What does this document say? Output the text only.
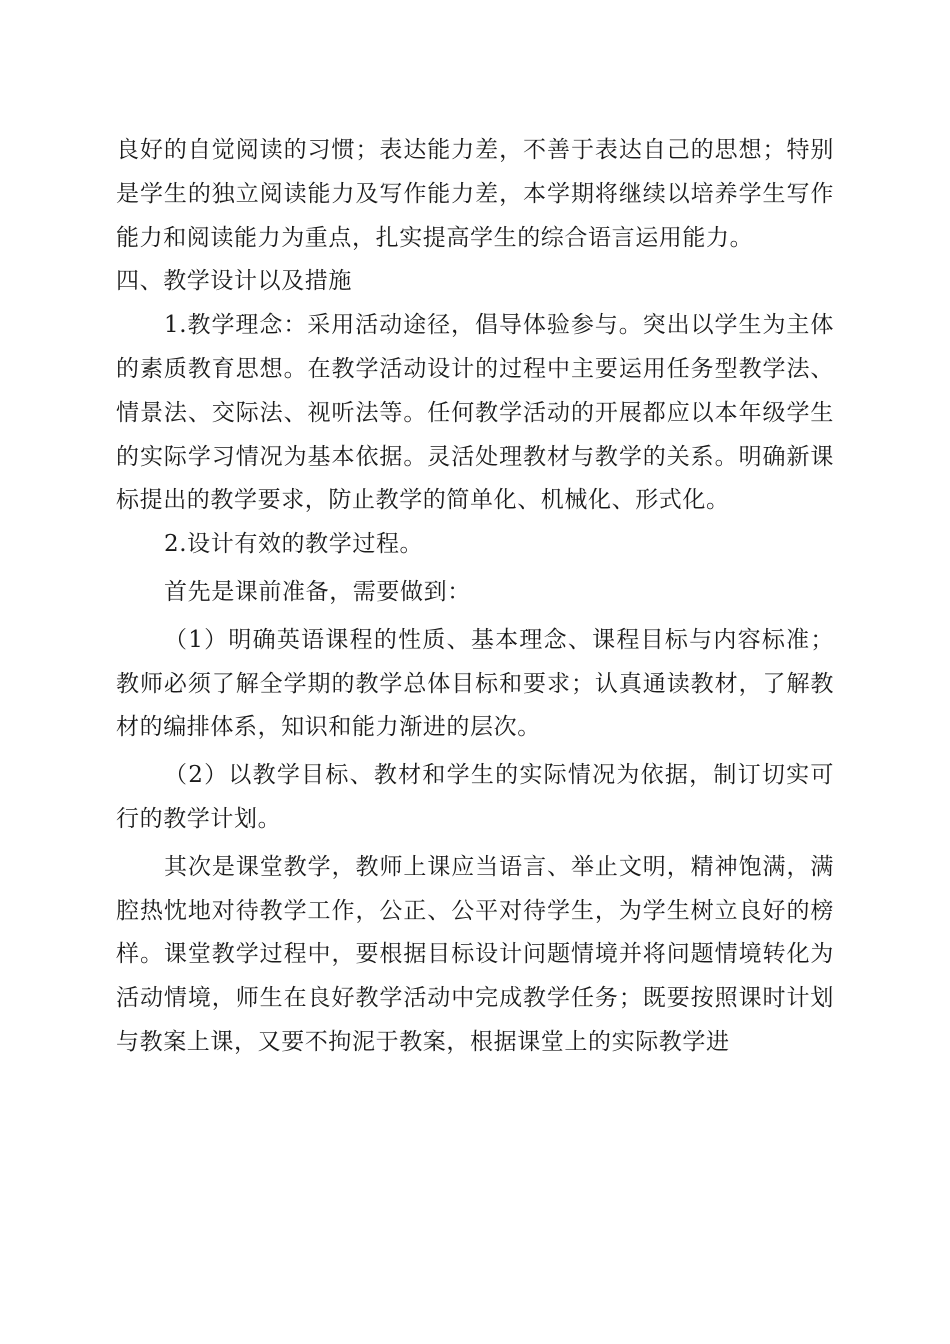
良好的自觉阅读的习惯；表达能力差，不善于表达自己的思想；特别是学生的独立阅读能力及写作能力差，本学期将继续以培养学生写作能力和阅读能力为重点，扎实提高学生的综合语言运用能力。

四、教学设计以及措施

1.教学理念：采用活动途径，倡导体验参与。突出以学生为主体的素质教育思想。在教学活动设计的过程中主要运用任务型教学法、情景法、交际法、视听法等。任何教学活动的开展都应以本年级学生的实际学习情况为基本依据。灵活处理教材与教学的关系。明确新课标提出的教学要求，防止教学的简单化、机械化、形式化。

2.设计有效的教学过程。

首先是课前准备，需要做到：

（1）明确英语课程的性质、基本理念、课程目标与内容标准；教师必须了解全学期的教学总体目标和要求；认真通读教材，了解教材的编排体系，知识和能力渐进的层次。

（2）以教学目标、教材和学生的实际情况为依据，制订切实可行的教学计划。

其次是课堂教学，教师上课应当语言、举止文明，精神饱满，满腔热忱地对待教学工作，公正、公平对待学生，为学生树立良好的榜样。课堂教学过程中，要根据目标设计问题情境并将问题情境转化为活动情境，师生在良好教学活动中完成教学任务；既要按照课时计划与教案上课，又要不拘泥于教案，根据课堂上的实际教学进
